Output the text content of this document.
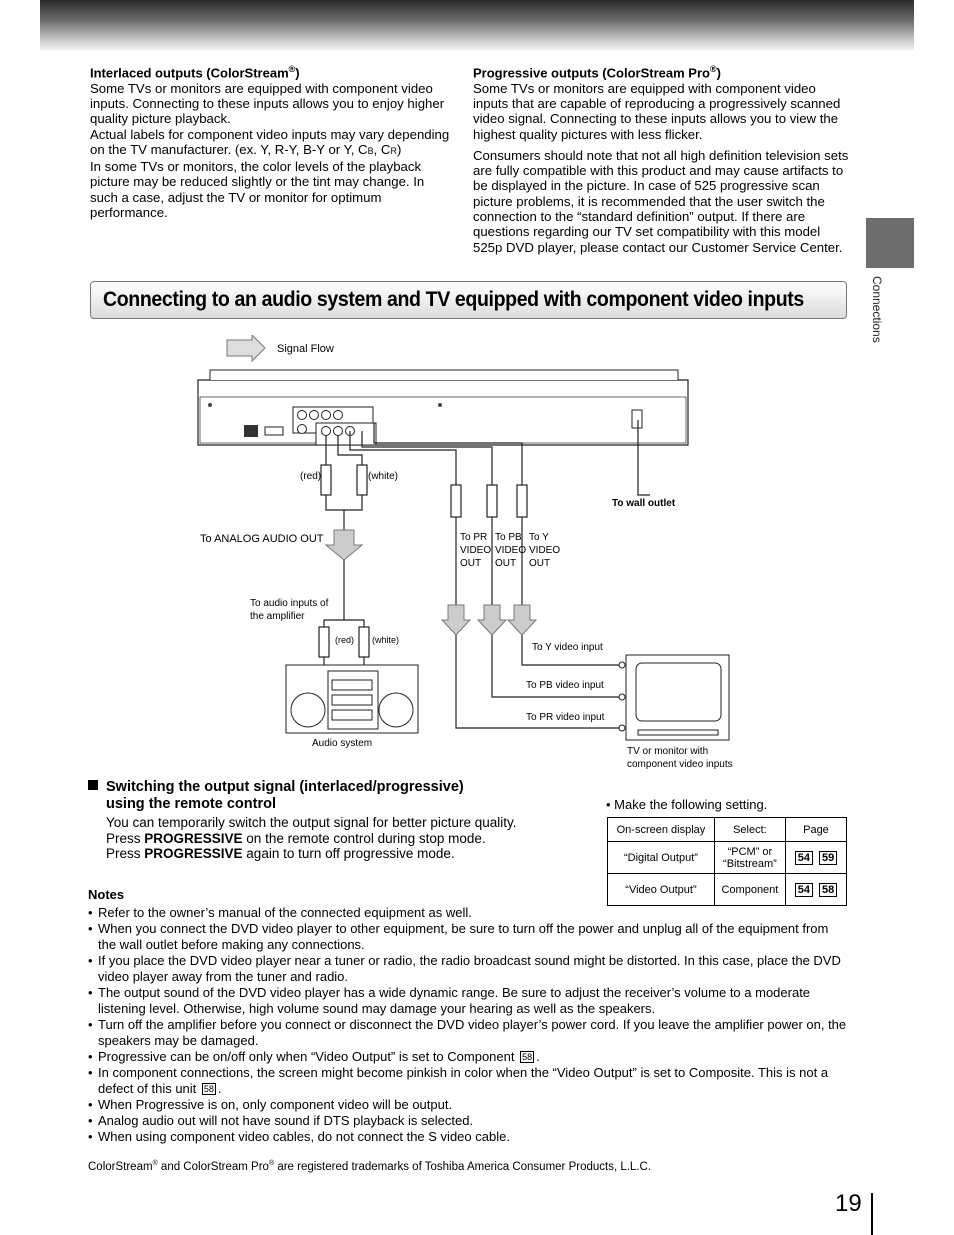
Connections
Interlaced outputs (ColorStream®)
Some TVs or monitors are equipped with component video inputs. Connecting to these inputs allows you to enjoy higher quality picture playback.
Actual labels for component video inputs may vary depending on the TV manufacturer. (ex. Y, R-Y, B-Y or Y, CB, CR)
In some TVs or monitors, the color levels of the playback picture may be reduced slightly or the tint may change. In such a case, adjust the TV or monitor for optimum performance.
Progressive outputs (ColorStream Pro®)

Some TVs or monitors are equipped with component video inputs that are capable of reproducing a progressively scanned video signal. Connecting to these inputs allows you to view the highest quality pictures with less flicker.

Consumers should note that not all high definition television sets are fully compatible with this product and may cause artifacts to be displayed in the picture. In case of 525 progressive scan picture problems, it is recommended that the user switch the connection to the “standard definition” output. If there are questions regarding our TV set compatibility with this model 525p DVD player, please contact our Customer Service Center.

Connecting to an audio system and TV equipped with component video inputs
Signal Flow
(red)	(white)
To wall outlet
To ANALOG AUDIO OUT	To PR
VIDEO
OUT
To PB
VIDEO
OUT
To Y
VIDEO
OUT
To audio inputs of
the amplifier
(red) (white)
To Y video input
To PB video input
To PR video input
Audio system
TV or monitor with
component video inputs
Switching the output signal (interlaced/progressive)
using the remote control
You can temporarily switch the output signal for better picture quality.
Press PROGRESSIVE on the remote control during stop mode.
Press PROGRESSIVE again to turn off progressive mode.
• Make the following setting.
On-screen display	Select:	Page
“Digital Output”	“PCM” or “Bitstream”	54 59
“Video Output”	Component	54 58
Notes
• Refer to the owner’s manual of the connected equipment as well.
• When you connect the DVD video player to other equipment, be sure to turn off the power and unplug all of the equipment from the wall outlet before making any connections.
• If you place the DVD video player near a tuner or radio, the radio broadcast sound might be distorted. In this case, place the DVD video player away from the tuner and radio.
• The output sound of the DVD video player has a wide dynamic range. Be sure to adjust the receiver’s volume to a moderate listening level. Otherwise, high volume sound may damage your hearing as well as the speakers.
• Turn off the amplifier before you connect or disconnect the DVD video player’s power cord. If you leave the amplifier power on, the speakers may be damaged.
• Progressive can be on/off only when “Video Output” is set to Component 58 .
• In component connections, the screen might become pinkish in color when the “Video Output” is set to Composite. This is not a defect of this unit 58 .
• When Progressive is on, only component video will be output.
• Analog audio out will not have sound if DTS playback is selected.
• When using component video cables, do not connect the S video cable.
ColorStream® and ColorStream Pro® are registered trademarks of Toshiba America Consumer Products, L.L.C.
19
